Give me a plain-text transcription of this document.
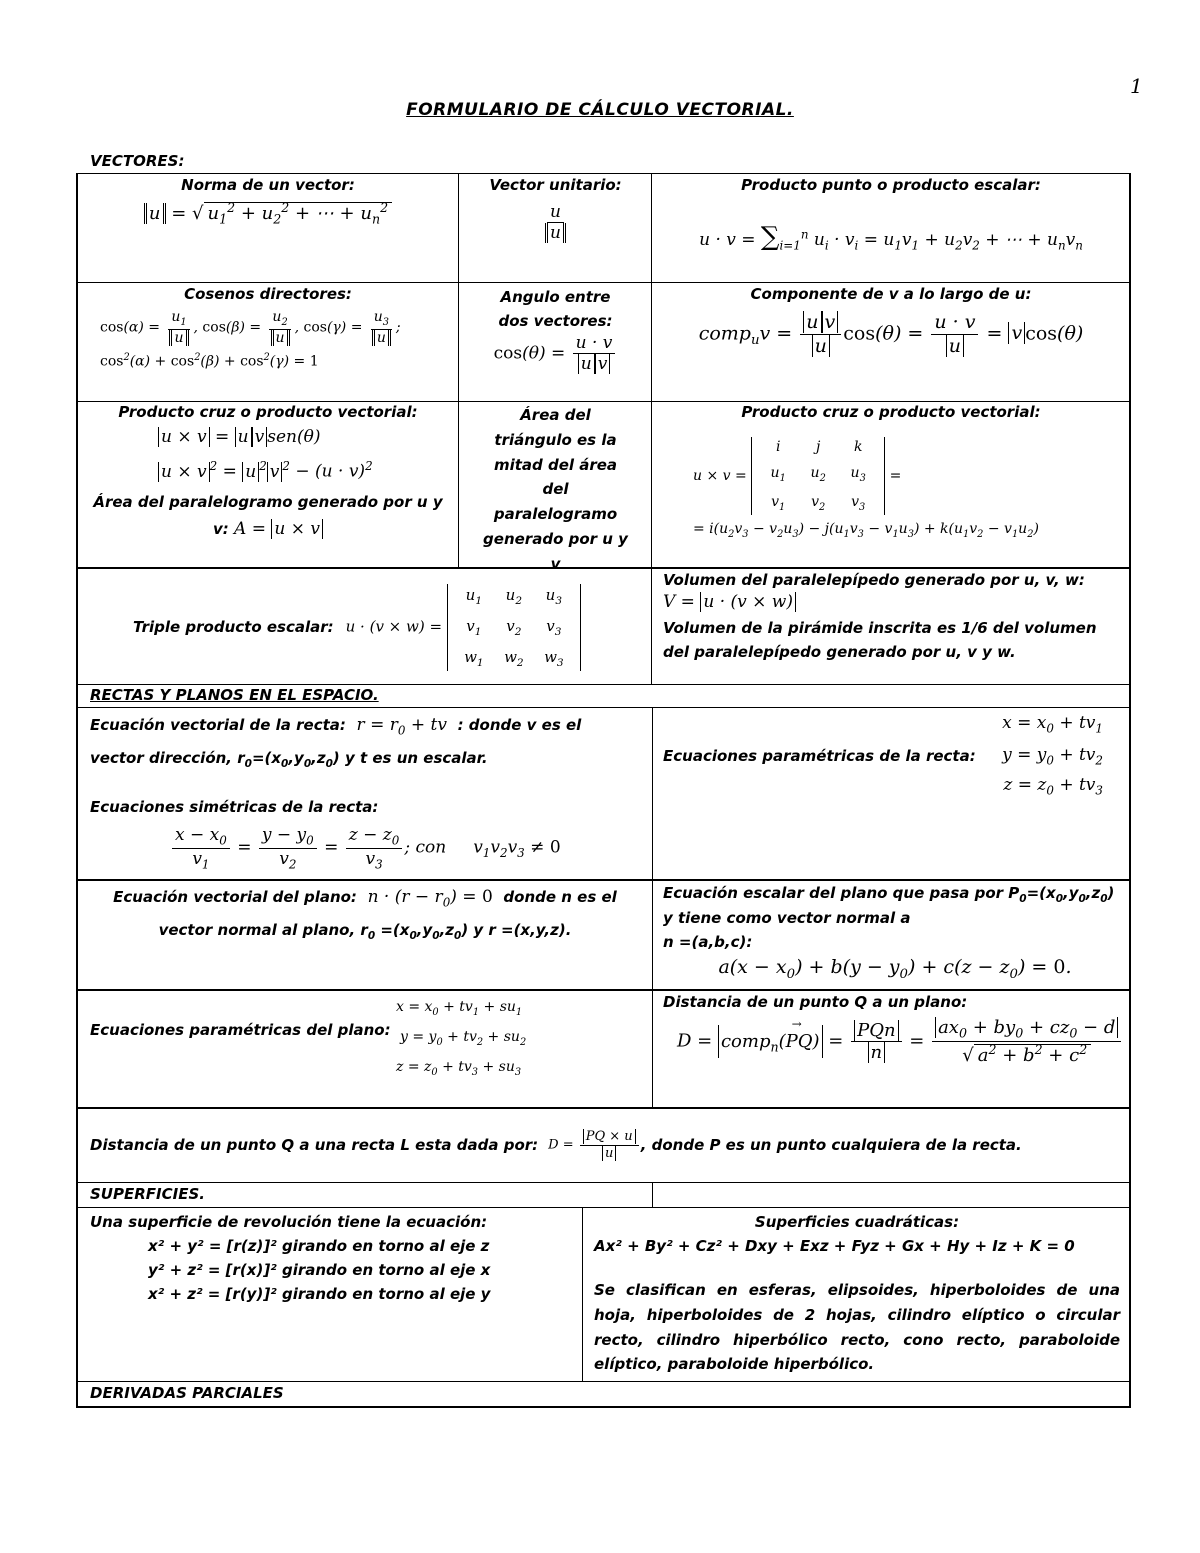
1
FORMULARIO DE CÁLCULO VECTORIAL.
VECTORES:
Norma de un vector:
u = √ $u_1^2 + u_2^2$ + ⋯ + $u_n^2$
Vector unitario:
$\frac{u}{u}$
Producto punto o producto escalar:
$u \cdot v = \sum_{i=1}^n$ $u_i \cdot v_i = u_1v_1 + u_2v_2$ + ⋯ + $u_nv_n$
Cosenos directores:
$\cos(\alpha) = \frac{u_1}{u}$ , $\cos(\beta) = \frac{u_2}{u}$ , $\cos(\gamma) = \frac{u_3}{u}$ ;
$\cos^2(\alpha) + \cos^2(\beta) + \cos^2(\gamma) = 1$
Angulo entre dos vectores:
$\cos(\theta) = \frac{u \cdot v}{\text{u v}}$
Componente de v a lo largo de u:
comp$_u$v = $\frac{\text{u v}}{u} \cos(\theta) = \frac{u \cdot v}{u} = v$ cos(θ)
Producto cruz o producto vectorial:
u × v = u v sen(θ)
u × v $^2$ = u $^2$ v $^2 - (u \cdot v)^2$
Área del paralelogramo generado por u y v: A = u × v
Área del triángulo es la mitad del área del paralelogramo generado por u y v
Producto cruz o producto vectorial:
u × v =
i	j	k
$u_1$	$u_2$	$u_3$
$v_1$	$v_2$	$v_3$
=
= $i(u_2v_3 - v_2u_3) - j(u_1v_3 - v_1u_3) + k(u_1v_2 - v_1u_2)$
Triple producto escalar: u · (v × w) =
$u_1$	$u_2$	$u_3$
$v_1$	$v_2$	$v_3$
$w_1$	$w_2$	$w_3$
Volumen del paralelepípedo generado por u, v, w:
V = u · (v × w)
Volumen de la pirámide inscrita es 1/6 del volumen del paralelepípedo generado por u, v y w.
RECTAS Y PLANOS EN EL ESPACIO.
Ecuación vectorial de la recta:  $r = r_0$ + tv  : donde v es el
vector dirección, $r_0=(x_0,y_0,z_0)$ y t es un escalar.
Ecuaciones simétricas de la recta:
$\frac{x - x_0}{v_1} = \frac{y - y_0}{v_2} = \frac{z - z_0}{v_3}$ ; con     $v_1v_2v_3 \ne 0$
$x = x_0 + tv_1$
Ecuaciones paramétricas de la recta: $y = y_0 + tv_2$
$z = z_0 + tv_3$
Ecuación vectorial del plano:  $n \cdot (r - r_0) = 0$ donde n es el
vector normal al plano, $r_0 =(x_0,y_0,z_0)$ y r =(x,y,z).
Ecuación escalar del plano que pasa por $P_0=(x_0,y_0,z_0)$
y tiene como vector normal a
n =(a,b,c):
$a(x - x_0) + b(y - y_0) + c(z - z_0) = 0$.
$x = x_0 + tv_1 + su_1$
Ecuaciones paramétricas del plano: $y = y_0 + tv_2 + su_2$
$z = z_0 + tv_3 + su_3$
Distancia de un punto Q a un plano:
D = comp$_n$(PQ
→
) = $\frac{\text{PQn}}{n} = \frac{ax_0 + by_0 + cz_0 - d}{√ a^2 + b^2 + c^2}$
Distancia de un punto Q a una recta L esta dada por: $D = \frac{PQ \times u}{u}$ , donde P es un punto cualquiera de la recta.
SUPERFICIES.
Una superficie de revolución tiene la ecuación:
x² + y² = [r(z)]² girando en torno al eje z
y² + z² = [r(x)]² girando en torno al eje x
x² + z² = [r(y)]² girando en torno al eje y
Superficies cuadráticas:
Ax² + By² + Cz² + Dxy + Exz + Fyz + Gx + Hy + Iz + K = 0
Se clasifican en esferas, elipsoides, hiperboloides de una hoja, hiperboloides de 2 hojas, cilindro elíptico o circular recto, cilindro hiperbólico recto, cono recto, paraboloide elíptico, paraboloide hiperbólico.
DERIVADAS PARCIALES
